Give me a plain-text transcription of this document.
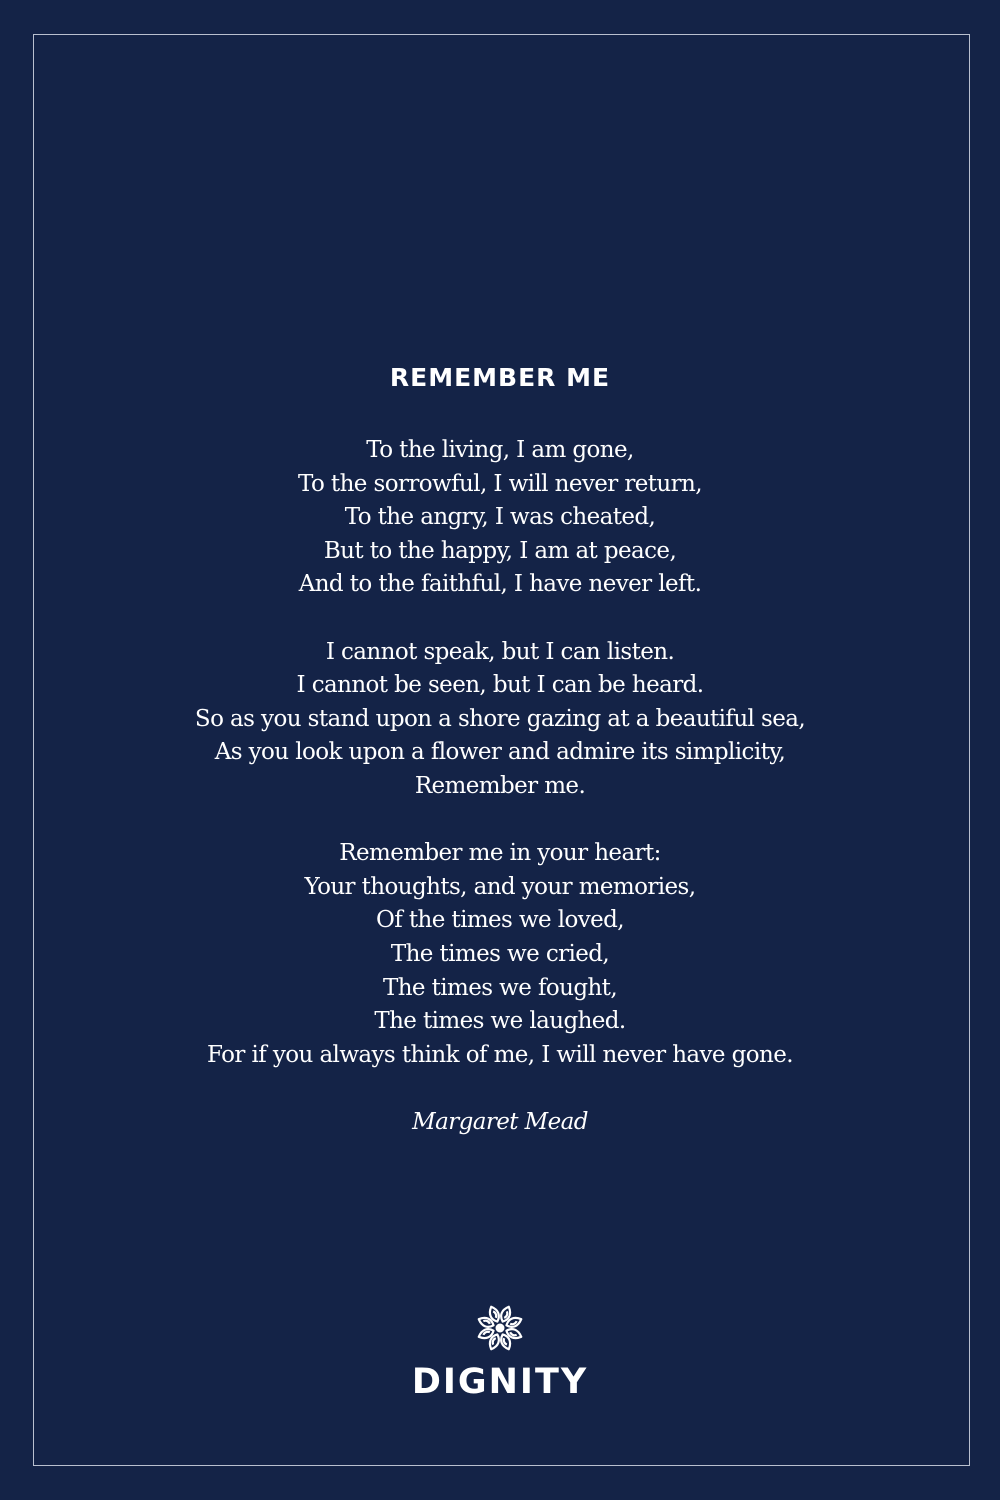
REMEMBER ME
To the living, I am gone,
To the sorrowful, I will never return,
To the angry, I was cheated,
But to the happy, I am at peace,
And to the faithful, I have never left.
I cannot speak, but I can listen.
I cannot be seen, but I can be heard.
So as you stand upon a shore gazing at a beautiful sea,
As you look upon a flower and admire its simplicity,
Remember me.
Remember me in your heart:
Your thoughts, and your memories,
Of the times we loved,
The times we cried,
The times we fought,
The times we laughed.
For if you always think of me, I will never have gone.
Margaret Mead
DIGNITY
